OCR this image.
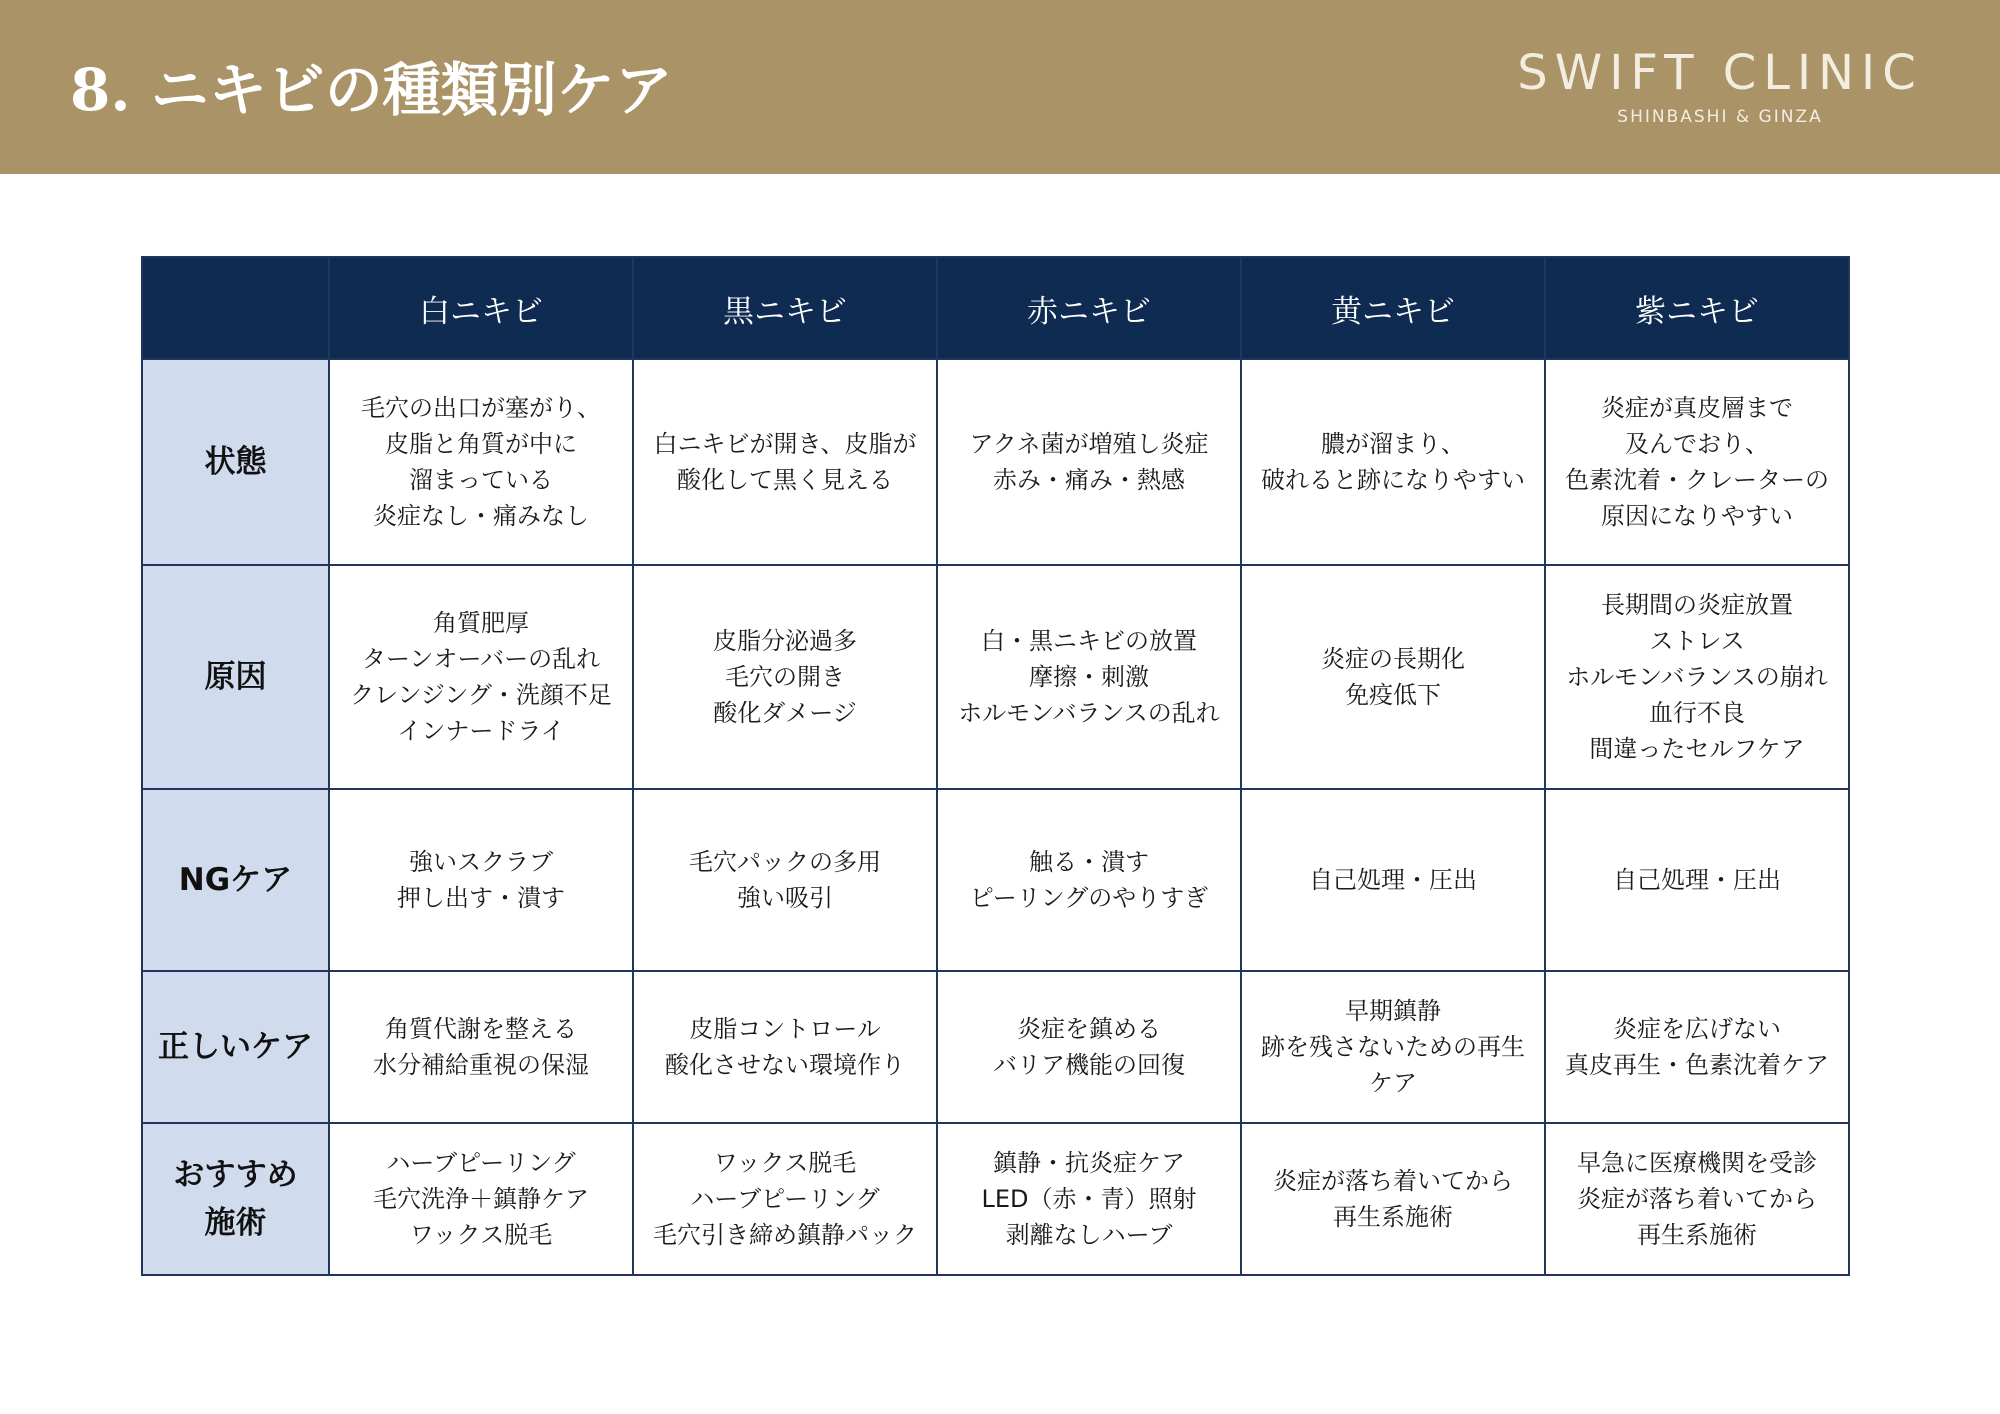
8. ニキビの種類別ケア	SWIFT CLINIC
SHINBASHI & GINZA
	白ニキビ	黒ニキビ	赤ニキビ	黄ニキビ	紫ニキビ

状態	毛穴の出口が塞がり、
皮脂と角質が中に
溜まっている
炎症なし・痛みなし	白ニキビが開き、皮脂が
酸化して黒く見える	アクネ菌が増殖し炎症
赤み・痛み・熱感	膿が溜まり、
破れると跡になりやすい	炎症が真皮層まで
及んでおり、
色素沈着・クレーターの
原因になりやすい

原因	角質肥厚
ターンオーバーの乱れ
クレンジング・洗顔不足
インナードライ	皮脂分泌過多
毛穴の開き
酸化ダメージ	白・黒ニキビの放置
摩擦・刺激
ホルモンバランスの乱れ	炎症の長期化
免疫低下	長期間の炎症放置
ストレス
ホルモンバランスの崩れ
血行不良
間違ったセルフケア

NGケア	強いスクラブ
押し出す・潰す	毛穴パックの多用
強い吸引	触る・潰す
ピーリングのやりすぎ	自己処理・圧出	自己処理・圧出

正しいケア	角質代謝を整える
水分補給重視の保湿	皮脂コントロール
酸化させない環境作り	炎症を鎮める
バリア機能の回復	早期鎮静
跡を残さないための再生
ケア	炎症を広げない
真皮再生・色素沈着ケア

おすすめ
施術	ハーブピーリング
毛穴洗浄＋鎮静ケア
ワックス脱毛	ワックス脱毛
ハーブピーリング
毛穴引き締め鎮静パック	鎮静・抗炎症ケア
LED（赤・青）照射
剥離なしハーブ	炎症が落ち着いてから
再生系施術	早急に医療機関を受診
炎症が落ち着いてから
再生系施術
